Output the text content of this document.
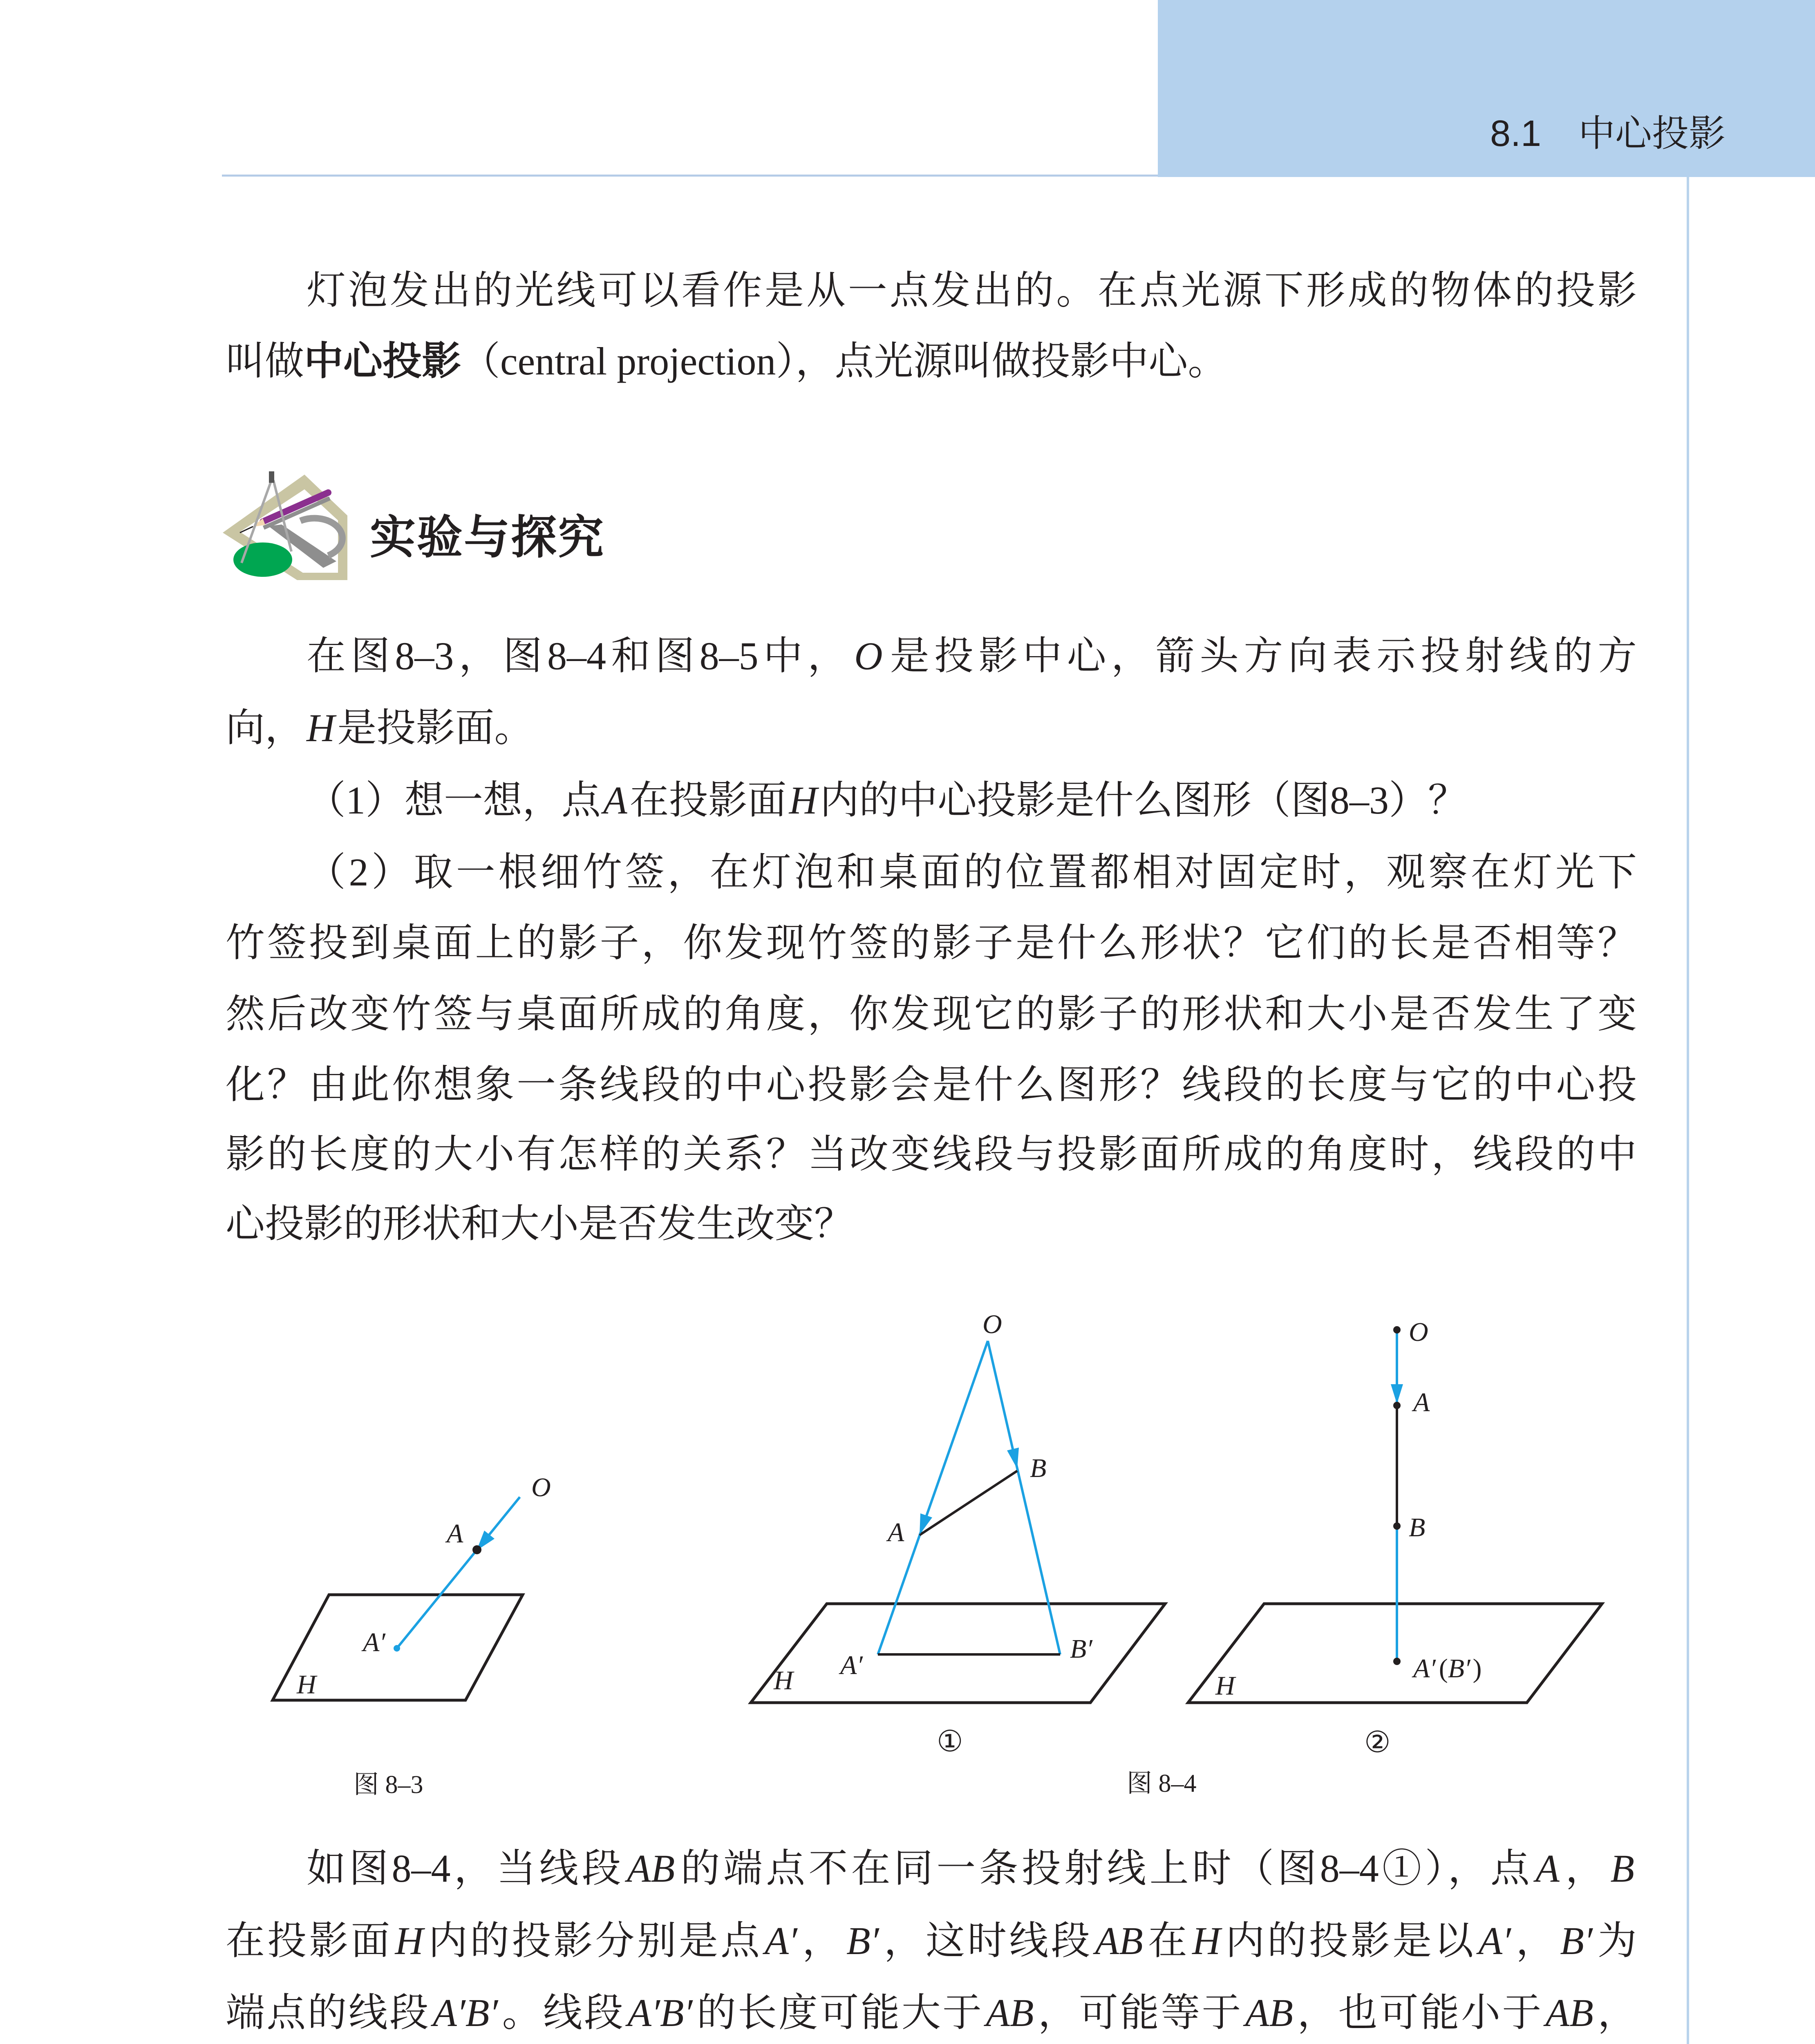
8.1 中心投影
灯泡发出的光线可以看作是从一点发出的。在点光源下形成的物体的投影
叫做中心投影（central projection），点光源叫做投影中心。
实验与探究
在图8–3，图8–4和图8–5中，O是投影中心，箭头方向表示投射线的方
向，H是投影面。
（1）想一想，点A在投影面H内的中心投影是什么图形（图8–3）？
（2）取一根细竹签，在灯泡和桌面的位置都相对固定时，观察在灯光下
竹签投到桌面上的影子，你发现竹签的影子是什么形状？它们的长是否相等？
然后改变竹签与桌面所成的角度，你发现它的影子的形状和大小是否发生了变
化？由此你想象一条线段的中心投影会是什么图形？线段的长度与它的中心投
影的长度的大小有怎样的关系？当改变线段与投影面所成的角度时，线段的中
心投影的形状和大小是否发生改变？
O
A
A′
H
图 8–3
O
B
A
A′
B′
H
①
O
A
B
A′ (B′)
H
②
图 8–4
如图8–4，当线段AB的端点不在同一条投射线上时（图8–4①），点A，B
在投影面H内的投影分别是点A′，B′，这时线段AB在H内的投影是以A′，B′为
端点的线段A′B′。线段A′B′的长度可能大于AB，可能等于AB，也可能小于AB，
